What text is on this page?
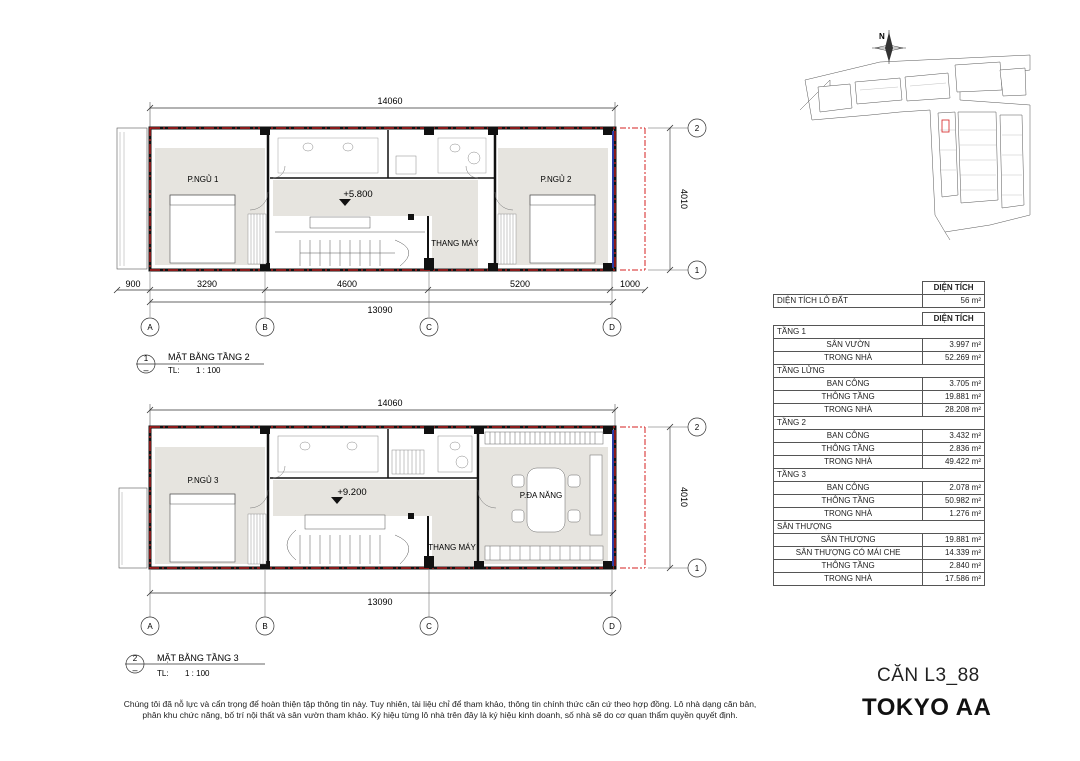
14060
+5.800
P.NGỦ 1	P.NGỦ 2
THANG MÁY
4010
2
1
900	3290	4600	5200	1000
13090
A	B	C	D
1
–
MẶT BẰNG TẦNG 2
TL: 1 : 100
14060
+9.200
P.NGỦ 3
P.ĐA NĂNG
THANG MÁY
4010
2
1
13090
A	B	C	D
2
–
MẶT BẰNG TẦNG 3
TL: 1 : 100
N
	DIỆN TÍCH
DIỆN TÍCH LÔ ĐẤT	56 m²
	DIỆN TÍCH
TẦNG 1	
SÂN VƯỜN	3.997 m²
TRONG NHÀ	52.269 m²
TẦNG LỬNG	
BAN CÔNG	3.705 m²
THÔNG TẦNG	19.881 m²
TRONG NHÀ	28.208 m²
TẦNG 2	
BAN CÔNG	3.432 m²
THÔNG TẦNG	2.836 m²
TRONG NHÀ	49.422 m²
TẦNG 3	
BAN CÔNG	2.078 m²
THÔNG TẦNG	50.982 m²
TRONG NHÀ	1.276 m²
SÂN THƯỢNG	
SÂN THƯỢNG	19.881 m²
SÂN THƯỢNG CÓ MÁI CHE	14.339 m²
THÔNG TẦNG	2.840 m²
TRONG NHÀ	17.586 m²
CĂN L3_88
TOKYO AA
Chúng tôi đã nỗ lực và cẩn trọng để hoàn thiện tập thông tin này. Tuy nhiên, tài liệu chỉ để tham khảo, thông tin chính thức căn cứ theo hợp đồng. Lô nhà dạng căn bản,
phân khu chức năng, bố trí nội thất và sân vườn tham khảo. Ký hiệu từng lô nhà trên đây là ký hiệu kinh doanh, số nhà sẽ do cơ quan thẩm quyền quyết định.
